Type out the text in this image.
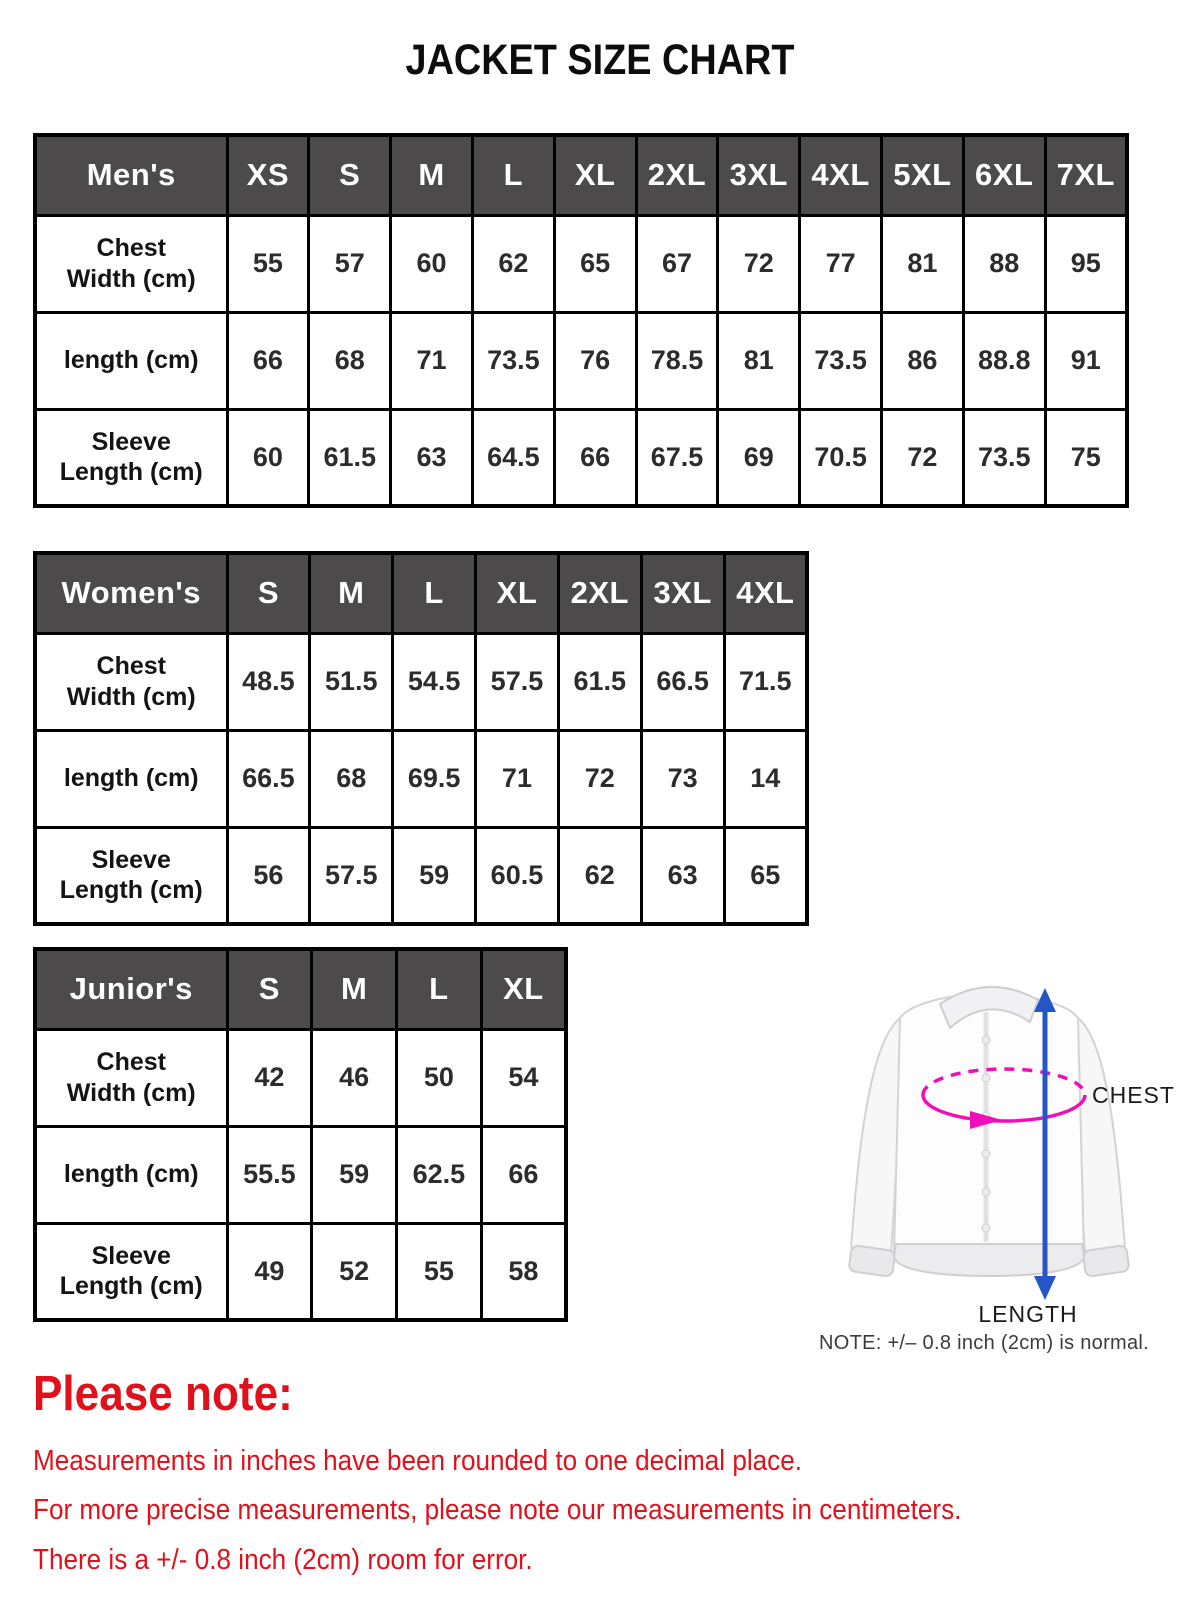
JACKET SIZE CHART
Men's	XS	S	M	L	XL	2XL	3XL	4XL	5XL	6XL	7XL
Chest
Width (cm)	55	57	60	62	65	67	72	77	81	88	95
length (cm)	66	68	71	73.5	76	78.5	81	73.5	86	88.8	91
Sleeve
Length (cm)	60	61.5	63	64.5	66	67.5	69	70.5	72	73.5	75
Women's	S	M	L	XL	2XL	3XL	4XL
Chest
Width (cm)	48.5	51.5	54.5	57.5	61.5	66.5	71.5
length (cm)	66.5	68	69.5	71	72	73	14
Sleeve
Length (cm)	56	57.5	59	60.5	62	63	65
Junior's	S	M	L	XL
Chest
Width (cm)	42	46	50	54
length (cm)	55.5	59	62.5	66
Sleeve
Length (cm)	49	52	55	58
CHEST
LENGTH
NOTE: +/– 0.8 inch (2cm) is normal.
Please note:

Measurements in inches have been rounded to one decimal place.

For more precise measurements, please note our measurements in centimeters.

There is a +/- 0.8 inch (2cm) room for error.
